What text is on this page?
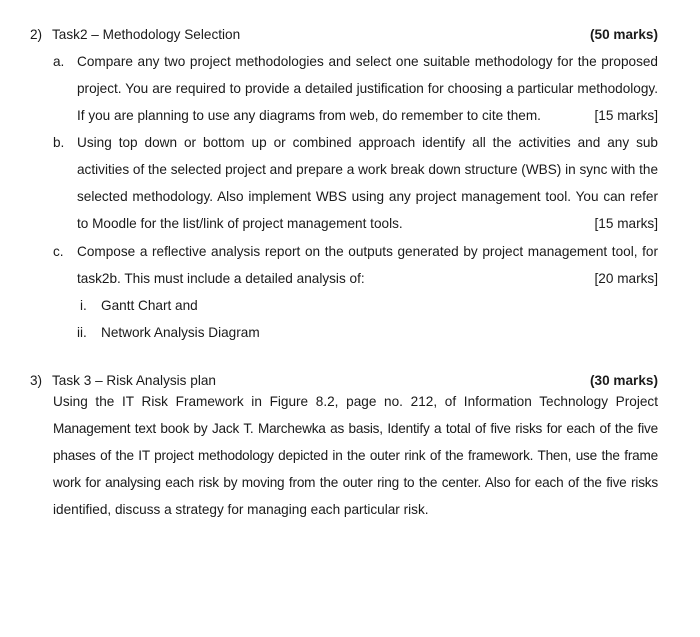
2) Task2 – Methodology Selection	(50 marks)
a. Compare any two project methodologies and select one suitable methodology for the proposed
project. You are required to provide a detailed justification for choosing a particular methodology.
If you are planning to use any diagrams from web, do remember to cite them.	[15 marks]
b. Using top down or bottom up or combined approach identify all the activities and any sub
activities of the selected project and prepare a work break down structure (WBS) in sync with the
selected methodology. Also implement WBS using any project management tool. You can refer
to Moodle for the list/link of project management tools.	[15 marks]
c. Compose a reflective analysis report on the outputs generated by project management tool, for
task2b. This must include a detailed analysis of:	[20 marks]
i. Gantt Chart and
ii. Network Analysis Diagram
3) Task 3 – Risk Analysis plan	(30 marks)
Using the IT Risk Framework in Figure 8.2, page no. 212, of Information Technology Project
Management text book by Jack T. Marchewka as basis, Identify a total of five risks for each of the five
phases of the IT project methodology depicted in the outer rink of the framework. Then, use the frame
work for analysing each risk by moving from the outer ring to the center. Also for each of the five risks
identified, discuss a strategy for managing each particular risk.
